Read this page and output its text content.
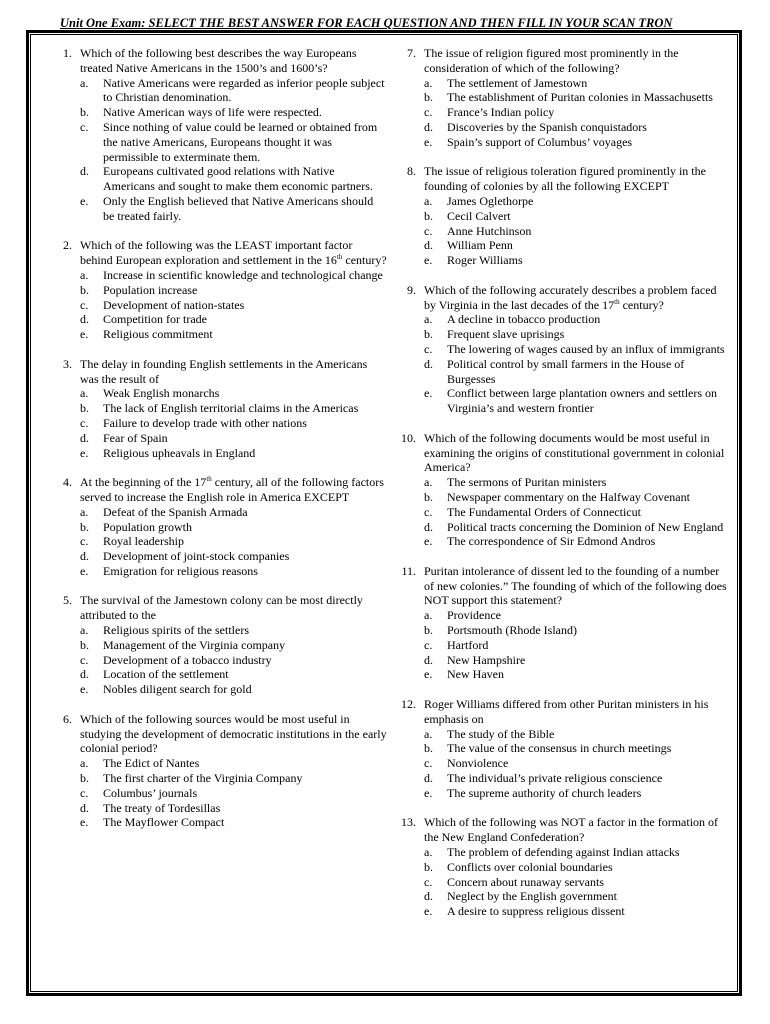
Unit One Exam: SELECT THE BEST ANSWER FOR EACH QUESTION AND THEN FILL IN YOUR SCAN TRON
1. Which of the following best describes the way Europeans treated Native Americans in the 1500’s and 1600’s?
a. Native Americans were regarded as inferior people subject to Christian denomination.
b. Native American ways of life were respected.
c. Since nothing of value could be learned or obtained from the native Americans, Europeans thought it was permissible to exterminate them.
d. Europeans cultivated good relations with Native Americans and sought to make them economic partners.
e. Only the English believed that Native Americans should be treated fairly.
2. Which of the following was the LEAST important factor behind European exploration and settlement in the 16th century?
a. Increase in scientific knowledge and technological change
b. Population increase
c. Development of nation-states
d. Competition for trade
e. Religious commitment
3. The delay in founding English settlements in the Americans was the result of
a. Weak English monarchs
b. The lack of English territorial claims in the Americas
c. Failure to develop trade with other nations
d. Fear of Spain
e. Religious upheavals in England
4. At the beginning of the 17th century, all of the following factors served to increase the English role in America EXCEPT
a. Defeat of the Spanish Armada
b. Population growth
c. Royal leadership
d. Development of joint-stock companies
e. Emigration for religious reasons
5. The survival of the Jamestown colony can be most directly attributed to the
a. Religious spirits of the settlers
b. Management of the Virginia company
c. Development of a tobacco industry
d. Location of the settlement
e. Nobles diligent search for gold
6. Which of the following sources would be most useful in studying the development of democratic institutions in the early colonial period?
a. The Edict of Nantes
b. The first charter of the Virginia Company
c. Columbus’ journals
d. The treaty of Tordesillas
e. The Mayflower Compact
7. The issue of religion figured most prominently in the consideration of which of the following?
a. The settlement of Jamestown
b. The establishment of Puritan colonies in Massachusetts
c. France’s Indian policy
d. Discoveries by the Spanish conquistadors
e. Spain’s support of Columbus’ voyages
8. The issue of religious toleration figured prominently in the founding of colonies by all the following EXCEPT
a. James Oglethorpe
b. Cecil Calvert
c. Anne Hutchinson
d. William Penn
e. Roger Williams
9. Which of the following accurately describes a problem faced by Virginia in the last decades of the 17th century?
a. A decline in tobacco production
b. Frequent slave uprisings
c. The lowering of wages caused by an influx of immigrants
d. Political control by small farmers in the House of Burgesses
e. Conflict between large plantation owners and settlers on Virginia’s and western frontier
10. Which of the following documents would be most useful in examining the origins of constitutional government in colonial America?
a. The sermons of Puritan ministers
b. Newspaper commentary on the Halfway Covenant
c. The Fundamental Orders of Connecticut
d. Political tracts concerning the Dominion of New England
e. The correspondence of Sir Edmond Andros
11. Puritan intolerance of dissent led to the founding of a number of new colonies.” The founding of which of the following does NOT support this statement?
a. Providence
b. Portsmouth (Rhode Island)
c. Hartford
d. New Hampshire
e. New Haven
12. Roger Williams differed from other Puritan ministers in his emphasis on
a. The study of the Bible
b. The value of the consensus in church meetings
c. Nonviolence
d. The individual’s private religious conscience
e. The supreme authority of church leaders
13. Which of the following was NOT a factor in the formation of the New England Confederation?
a. The problem of defending against Indian attacks
b. Conflicts over colonial boundaries
c. Concern about runaway servants
d. Neglect by the English government
e. A desire to suppress religious dissent
